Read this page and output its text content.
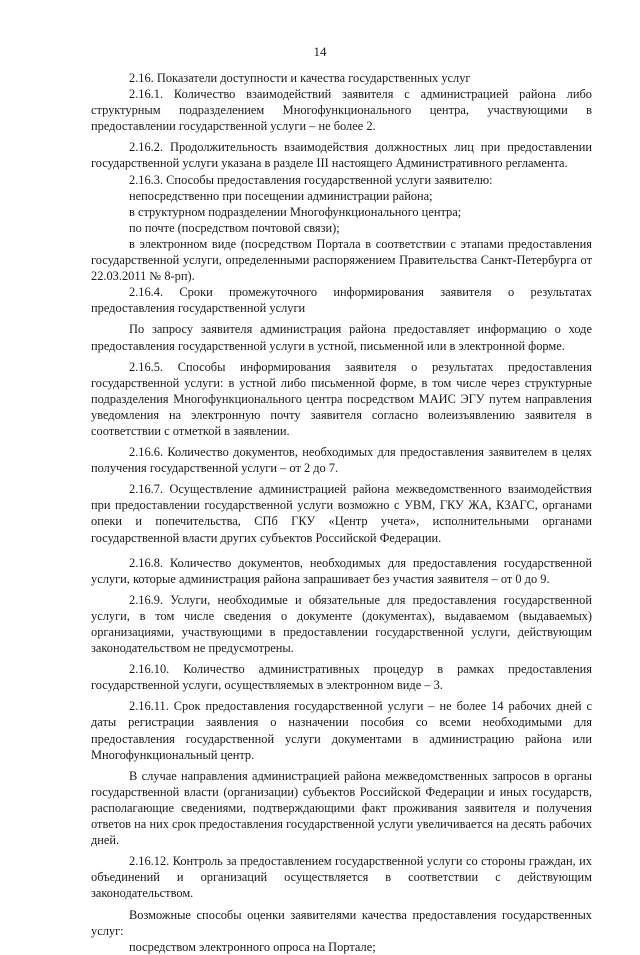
14

2.16. Показатели доступности и качества государственных услуг

2.16.1. Количество взаимодействий заявителя с администрацией района либо структурным подразделением Многофункционального центра, участвующими в предоставлении государственной услуги – не более 2.

2.16.2. Продолжительность взаимодействия должностных лиц при предоставлении государственной услуги указана в разделе III настоящего Административного регламента.

2.16.3. Способы предоставления государственной услуги заявителю:

непосредственно при посещении администрации района;

в структурном подразделении Многофункционального центра;

по почте (посредством почтовой связи);

в электронном виде (посредством Портала в соответствии с этапами предоставления государственной услуги, определенными распоряжением Правительства Санкт-Петербурга от 22.03.2011 № 8-рп).

2.16.4. Сроки промежуточного информирования заявителя о результатах предоставления государственной услуги

По запросу заявителя администрация района предоставляет информацию о ходе предоставления государственной услуги в устной, письменной или в электронной форме.

2.16.5. Способы информирования заявителя о результатах предоставления государственной услуги: в устной либо письменной форме, в том числе через структурные подразделения Многофункционального центра посредством МАИС ЭГУ путем направления уведомления на электронную почту заявителя согласно волеизъявлению заявителя в соответствии с отметкой в заявлении.

2.16.6. Количество документов, необходимых для предоставления заявителем в целях получения государственной услуги – от 2 до 7.

2.16.7. Осуществление администрацией района межведомственного взаимодействия при предоставлении государственной услуги возможно с УВМ, ГКУ ЖА, КЗАГС, органами опеки и попечительства, СПб ГКУ «Центр учета», исполнительными органами государственной власти других субъектов Российской Федерации.

2.16.8. Количество документов, необходимых для предоставления государственной услуги, которые администрация района запрашивает без участия заявителя – от 0 до 9.

2.16.9. Услуги, необходимые и обязательные для предоставления государственной услуги, в том числе сведения о документе (документах), выдаваемом (выдаваемых) организациями, участвующими в предоставлении государственной услуги, действующим законодательством не предусмотрены.

2.16.10. Количество административных процедур в рамках предоставления государственной услуги, осуществляемых в электронном виде – 3.

2.16.11. Срок предоставления государственной услуги – не более 14 рабочих дней с даты регистрации заявления о назначении пособия со всеми необходимыми для предоставления государственной услуги документами в администрацию района или Многофункциональный центр.

В случае направления администрацией района межведомственных запросов в органы государственной власти (организации) субъектов Российской Федерации и иных государств, располагающие сведениями, подтверждающими факт проживания заявителя и получения ответов на них срок предоставления государственной услуги увеличивается на десять рабочих дней.

2.16.12. Контроль за предоставлением государственной услуги со стороны граждан, их объединений и организаций осуществляется в соответствии с действующим законодательством.

Возможные способы оценки заявителями качества предоставления государственных услуг:

посредством электронного опроса на Портале;
